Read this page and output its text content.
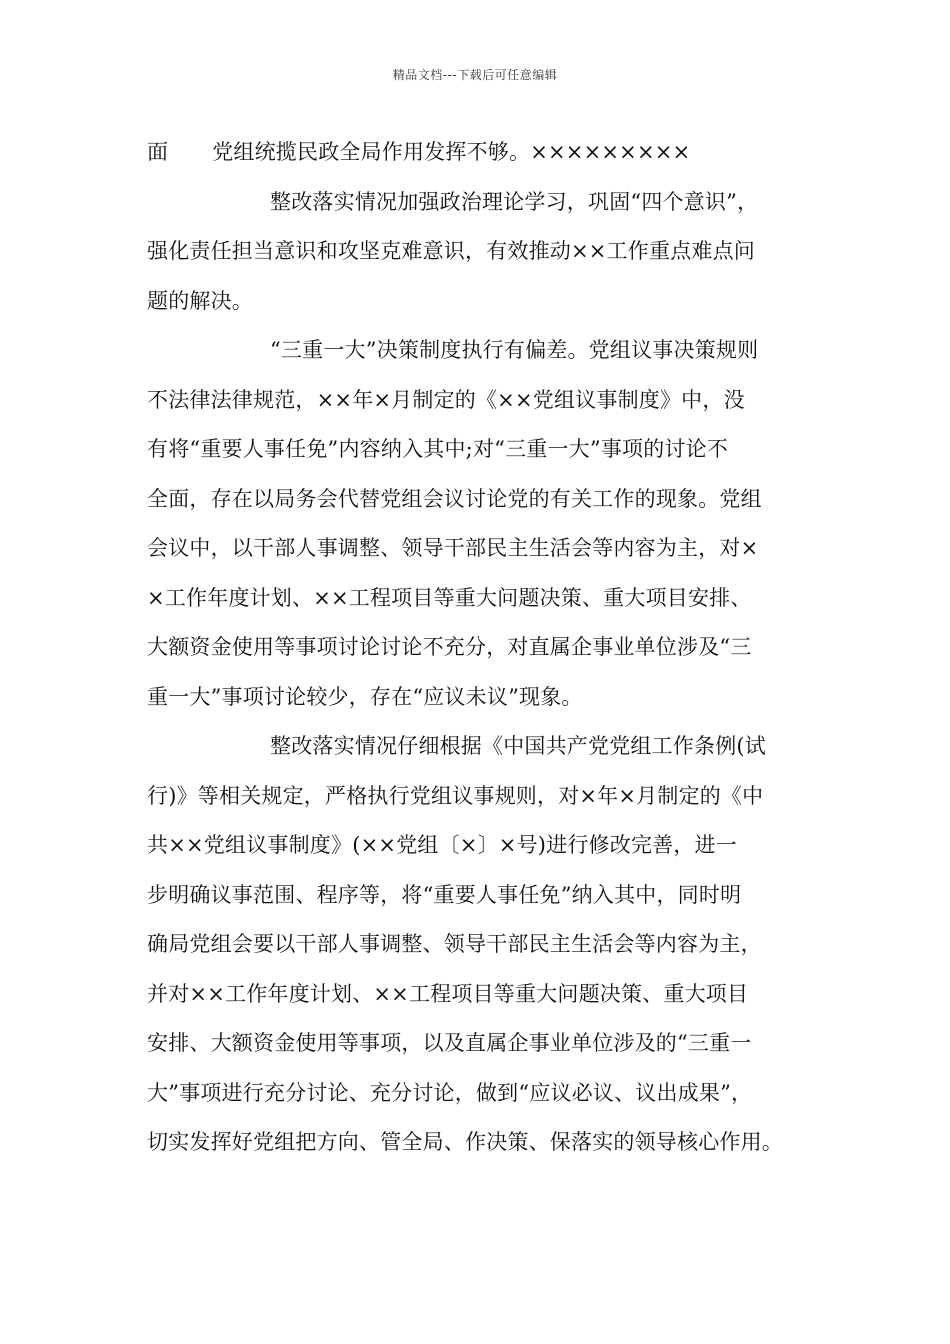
精品文档---下载后可任意编辑
面 党组统揽民政全局作用发挥不够。×××××××××
整改落实情况加强政治理论学习，巩固“四个意识”，
强化责任担当意识和攻坚克难意识，有效推动××工作重点难点问
题的解决。
“三重一大”决策制度执行有偏差。党组议事决策规则
不法律法律规范，××年×月制定的《××党组议事制度》中，没
有将“重要人事任免”内容纳入其中;对“三重一大”事项的讨论不
全面，存在以局务会代替党组会议讨论党的有关工作的现象。党组
会议中，以干部人事调整、领导干部民主生活会等内容为主，对×
×工作年度计划、××工程项目等重大问题决策、重大项目安排、
大额资金使用等事项讨论讨论不充分，对直属企事业单位涉及“三
重一大”事项讨论较少，存在“应议未议”现象。
整改落实情况仔细根据《中国共产党党组工作条例(试
行)》等相关规定，严格执行党组议事规则，对×年×月制定的《中
共××党组议事制度》(××党组〔×〕×号)进行修改完善，进一
步明确议事范围、程序等，将“重要人事任免”纳入其中，同时明
确局党组会要以干部人事调整、领导干部民主生活会等内容为主，
并对××工作年度计划、××工程项目等重大问题决策、重大项目
安排、大额资金使用等事项，以及直属企事业单位涉及的“三重一
大”事项进行充分讨论、充分讨论，做到“应议必议、议出成果”，
切实发挥好党组把方向、管全局、作决策、保落实的领导核心作用。
